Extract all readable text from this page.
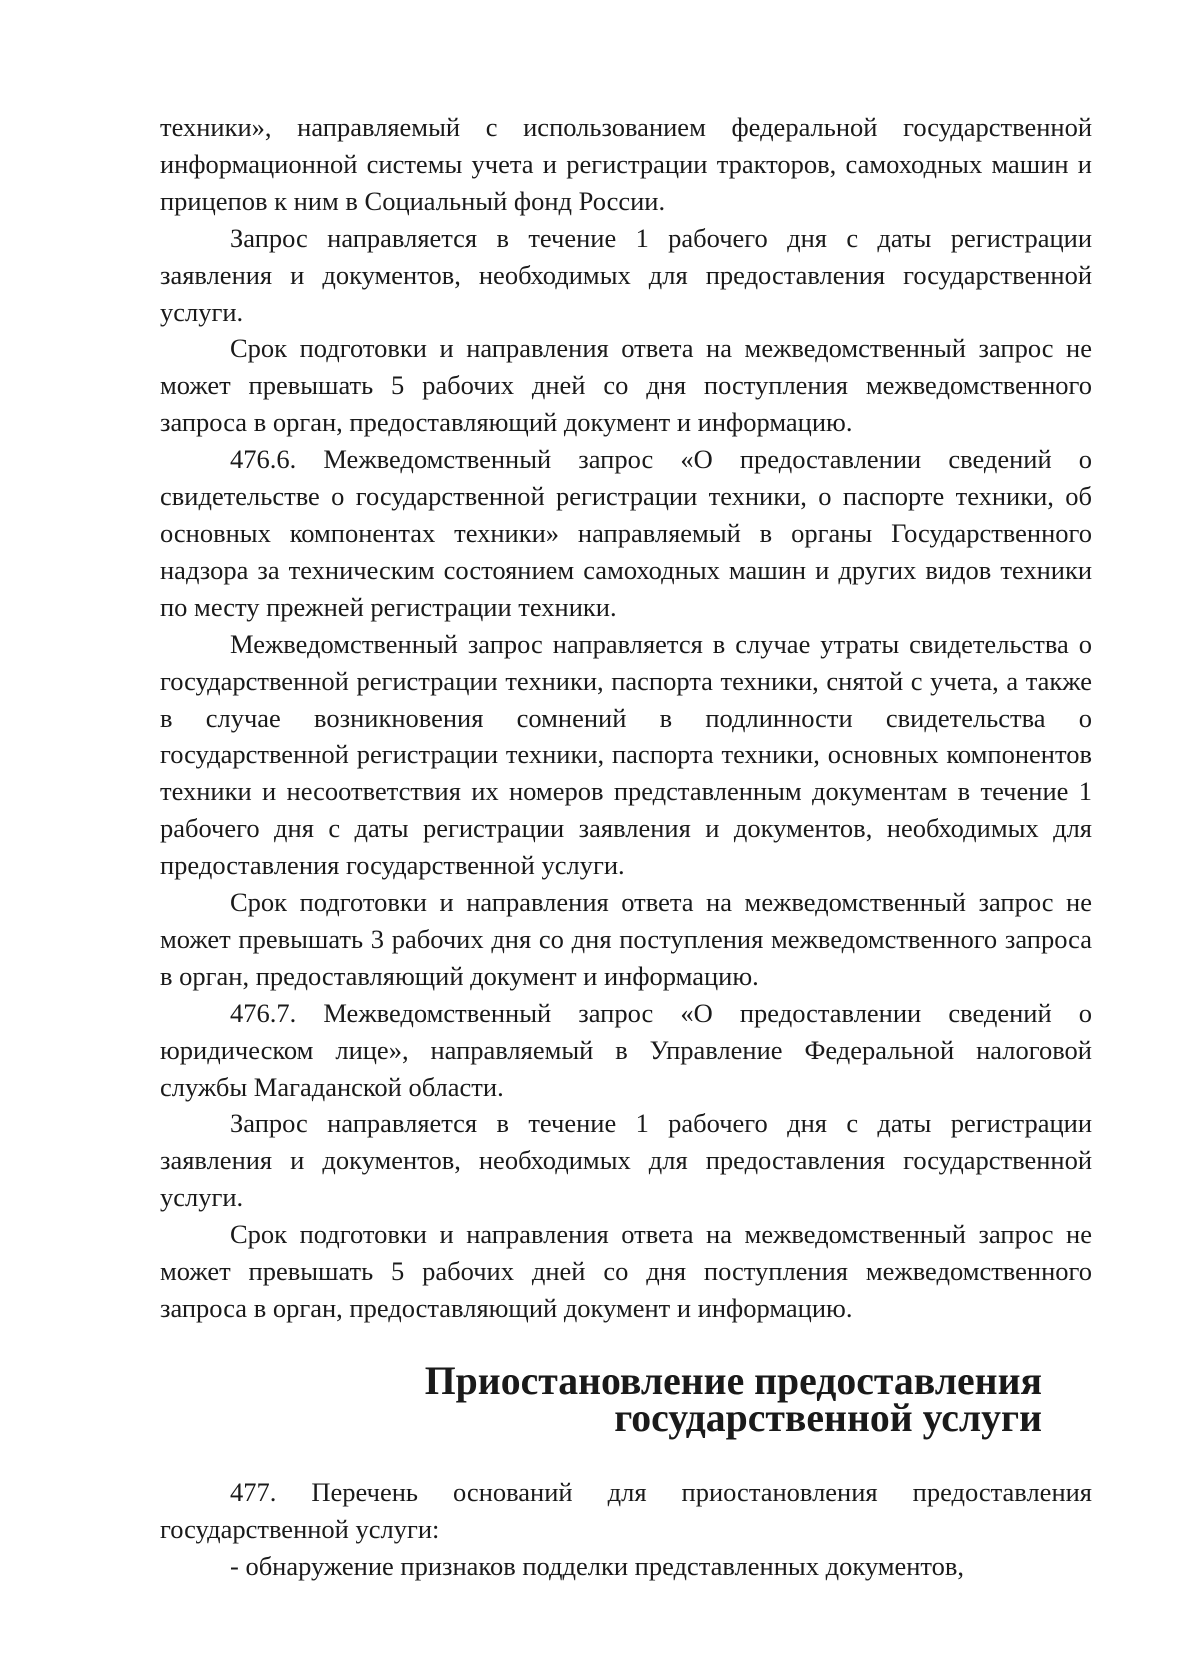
техники», направляемый с использованием федеральной государственной информационной системы учета и регистрации тракторов, самоходных машин и прицепов к ним в Социальный фонд России.

Запрос направляется в течение 1 рабочего дня с даты регистрации заявления и документов, необходимых для предоставления государственной услуги.

Срок подготовки и направления ответа на межведомственный запрос не может превышать 5 рабочих дней со дня поступления межведомственного запроса в орган, предоставляющий документ и информацию.

476.6. Межведомственный запрос «О предоставлении сведений о свидетельстве о государственной регистрации техники, о паспорте техники, об основных компонентах техники» направляемый в органы Государственного надзора за техническим состоянием самоходных машин и других видов техники по месту прежней регистрации техники.

Межведомственный запрос направляется в случае утраты свидетельства о государственной регистрации техники, паспорта техники, снятой с учета, а также в случае возникновения сомнений в подлинности свидетельства о государственной регистрации техники, паспорта техники, основных компонентов техники и несоответствия их номеров представленным документам в течение 1 рабочего дня с даты регистрации заявления и документов, необходимых для предоставления государственной услуги.

Срок подготовки и направления ответа на межведомственный запрос не может превышать 3 рабочих дня со дня поступления межведомственного запроса в орган, предоставляющий документ и информацию.

476.7. Межведомственный запрос «О предоставлении сведений о юридическом лице», направляемый в Управление Федеральной налоговой службы Магаданской области.

Запрос направляется в течение 1 рабочего дня с даты регистрации заявления и документов, необходимых для предоставления государственной услуги.

Срок подготовки и направления ответа на межведомственный запрос не может превышать 5 рабочих дней со дня поступления межведомственного запроса в орган, предоставляющий документ и информацию.

Приостановление предоставления государственной услуги

477. Перечень оснований для приостановления предоставления государственной услуги:

- обнаружение признаков подделки представленных документов,
